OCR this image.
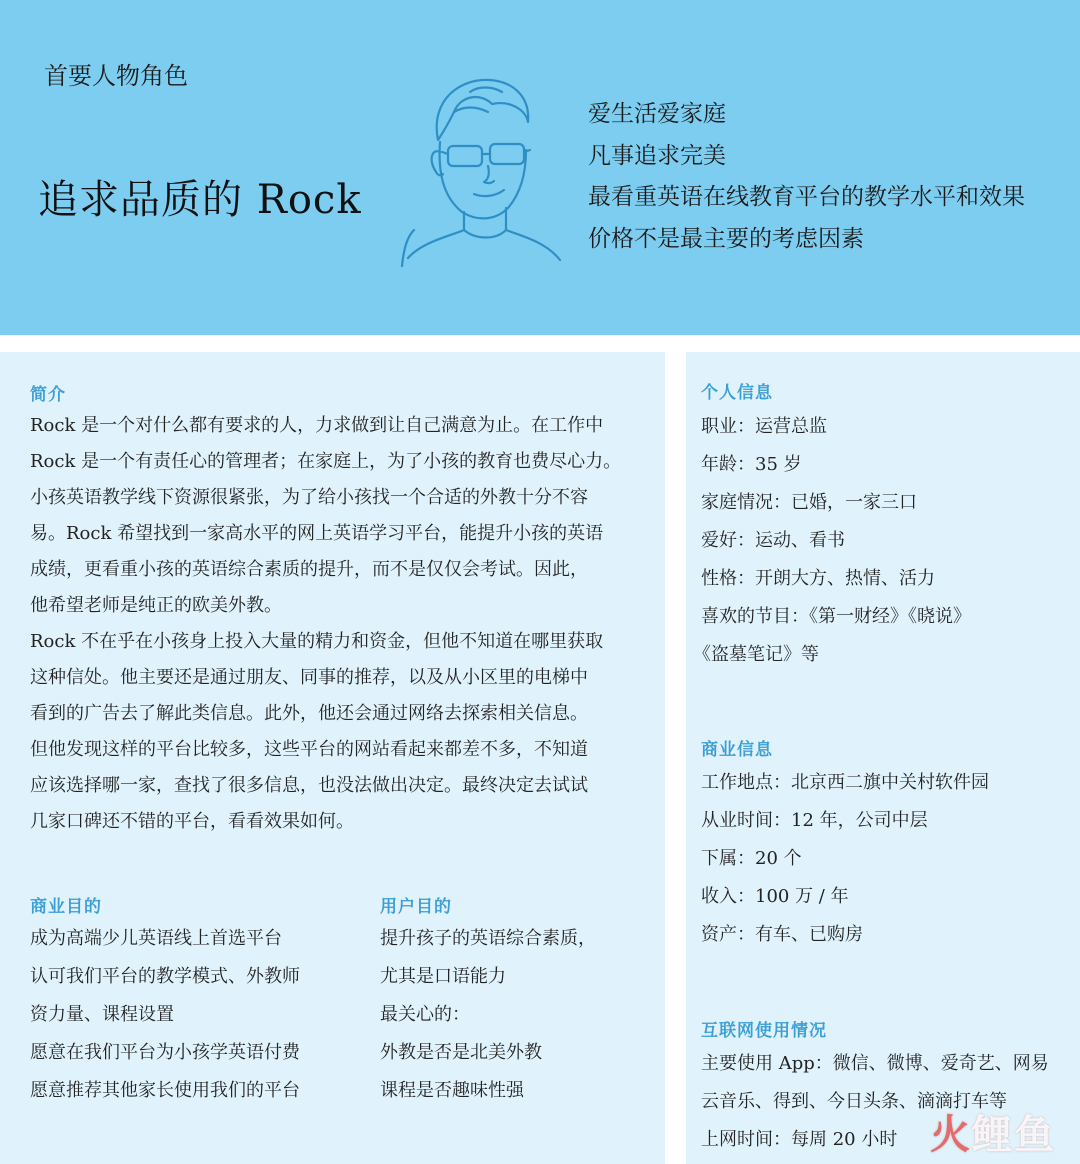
首要人物角色
追求品质的 Rock
爱生活爱家庭
凡事追求完美
最看重英语在线教育平台的教学水平和效果
价格不是最主要的考虑因素
简介
Rock 是一个对什么都有要求的人，力求做到让自己满意为止。在工作中
Rock 是一个有责任心的管理者；在家庭上，为了小孩的教育也费尽心力。
小孩英语教学线下资源很紧张，为了给小孩找一个合适的外教十分不容
易。Rock 希望找到一家高水平的网上英语学习平台，能提升小孩的英语
成绩，更看重小孩的英语综合素质的提升，而不是仅仅会考试。因此，
他希望老师是纯正的欧美外教。
Rock 不在乎在小孩身上投入大量的精力和资金，但他不知道在哪里获取
这种信处。他主要还是通过朋友、同事的推荐，以及从小区里的电梯中
看到的广告去了解此类信息。此外，他还会通过网络去探索相关信息。
但他发现这样的平台比较多，这些平台的网站看起来都差不多，不知道
应该选择哪一家，查找了很多信息，也没法做出决定。最终决定去试试
几家口碑还不错的平台，看看效果如何。
商业目的
成为高端少儿英语线上首选平台
认可我们平台的教学模式、外教师
资力量、课程设置
愿意在我们平台为小孩学英语付费
愿意推荐其他家长使用我们的平台
用户目的
提升孩子的英语综合素质，
尤其是口语能力
最关心的：
外教是否是北美外教
课程是否趣味性强
个人信息
职业：运营总监
年龄：35 岁
家庭情况：已婚，一家三口
爱好：运动、看书
性格：开朗大方、热情、活力
喜欢的节目：《第一财经》《晓说》
《盗墓笔记》等
商业信息
工作地点：北京西二旗中关村软件园
从业时间：12 年，公司中层
下属：20 个
收入：100 万 / 年
资产：有车、已购房
互联网使用情况
主要使用 App：微信、微博、爱奇艺、网易
云音乐、得到、今日头条、滴滴打车等
上网时间：每周 20 小时 火鲤鱼
